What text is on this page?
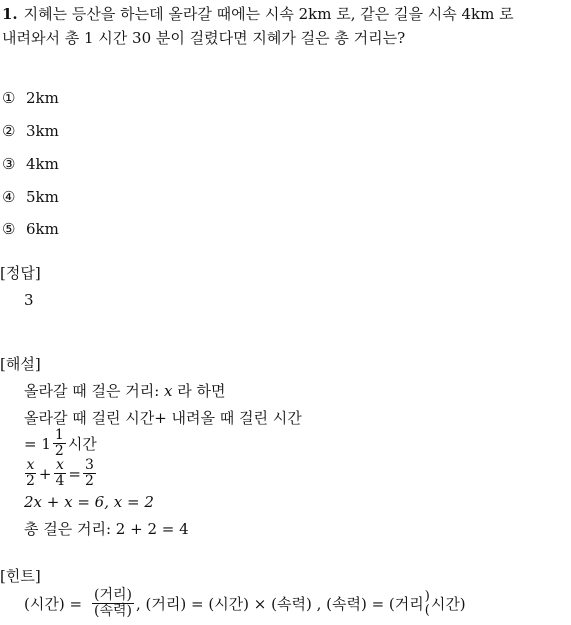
1. 지혜는 등산을 하는데 올라갈 때에는 시속 2km 로, 같은 길을 시속 4km 로
내려와서 총 1 시간 30 분이 걸렸다면 지혜가 걸은 총 거리는?
① 2km
② 3km
③ 4km
④ 5km
⑤ 6km
[정답]
3
[해설]
올라갈 때 걸은 거리: x 라 하면
올라갈 때 걸린 시간+ 내려올 때 걸린 시간
= $1 \frac{1}{2}$ 시간
$\frac{x}{2} + \frac{x}{4} = \frac{3}{2}$
2x + x = 6, x = 2
총 걸은 거리: 2 + 2 = 4
[힌트]
(시간) = $\frac{\text{(거리)}}{\text{(속력)}}$ , (거리) = (시간) × (속력) , (속력) = (거리 )
( 시간)
